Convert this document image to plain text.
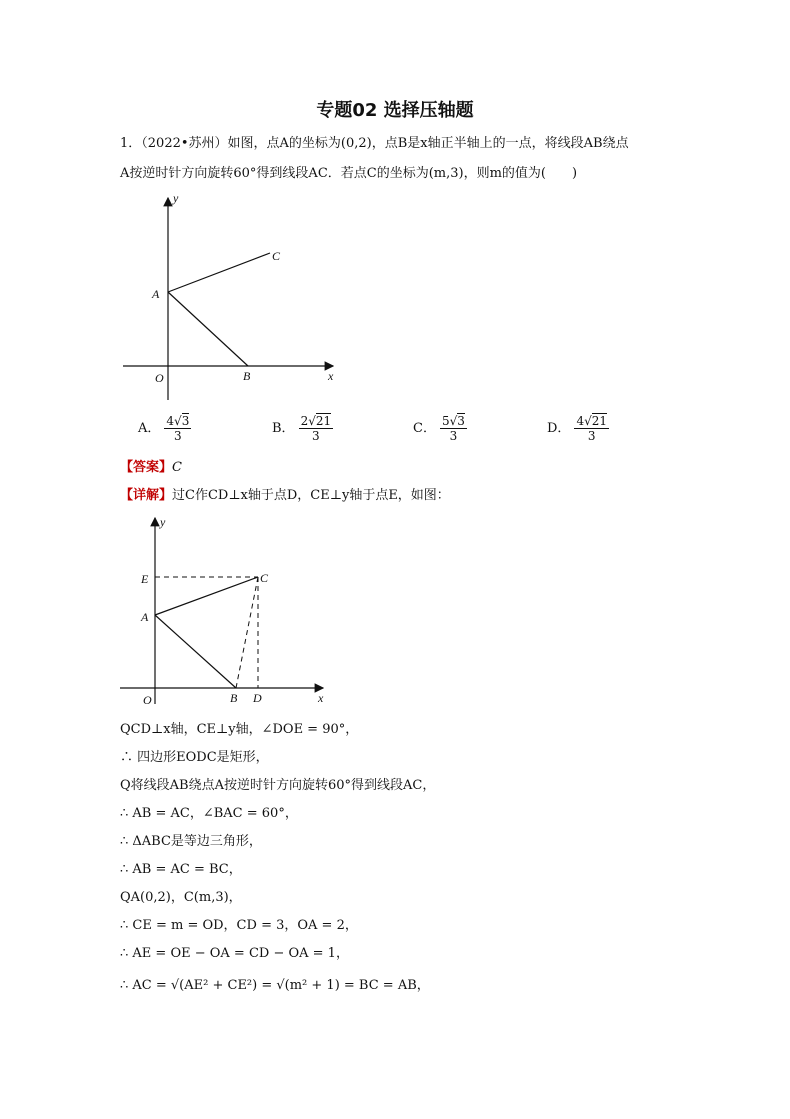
专题02 选择压轴题
1．（2022•苏州）如图，点A的坐标为(0,2)，点B是x轴正半轴上的一点，将线段AB绕点
A按逆时针方向旋转60°得到线段AC．若点C的坐标为(m,3)，则m的值为(　　)
y
x
O
A
B
C
A． $\frac{4√3}{3}$	B． $\frac{2√21}{3}$	C． $\frac{5√3}{3}$	D． $\frac{4√21}{3}$
【答案】C
【详解】过C作CD⊥x轴于点D，CE⊥y轴于点E，如图：
y
x
O
A
B
C
D
E
QCD⊥x轴，CE⊥y轴，∠DOE = 90°，
∴ 四边形EODC是矩形，
Q将线段AB绕点A按逆时针方向旋转60°得到线段AC，
∴ AB = AC，∠BAC = 60°，
∴ ΔABC是等边三角形，
∴ AB = AC = BC，
QA(0,2)，C(m,3)，
∴ CE = m = OD，CD = 3，OA = 2，
∴ AE = OE − OA = CD − OA = 1，
∴ AC = √(AE² + CE²) = √(m² + 1) = BC = AB，
